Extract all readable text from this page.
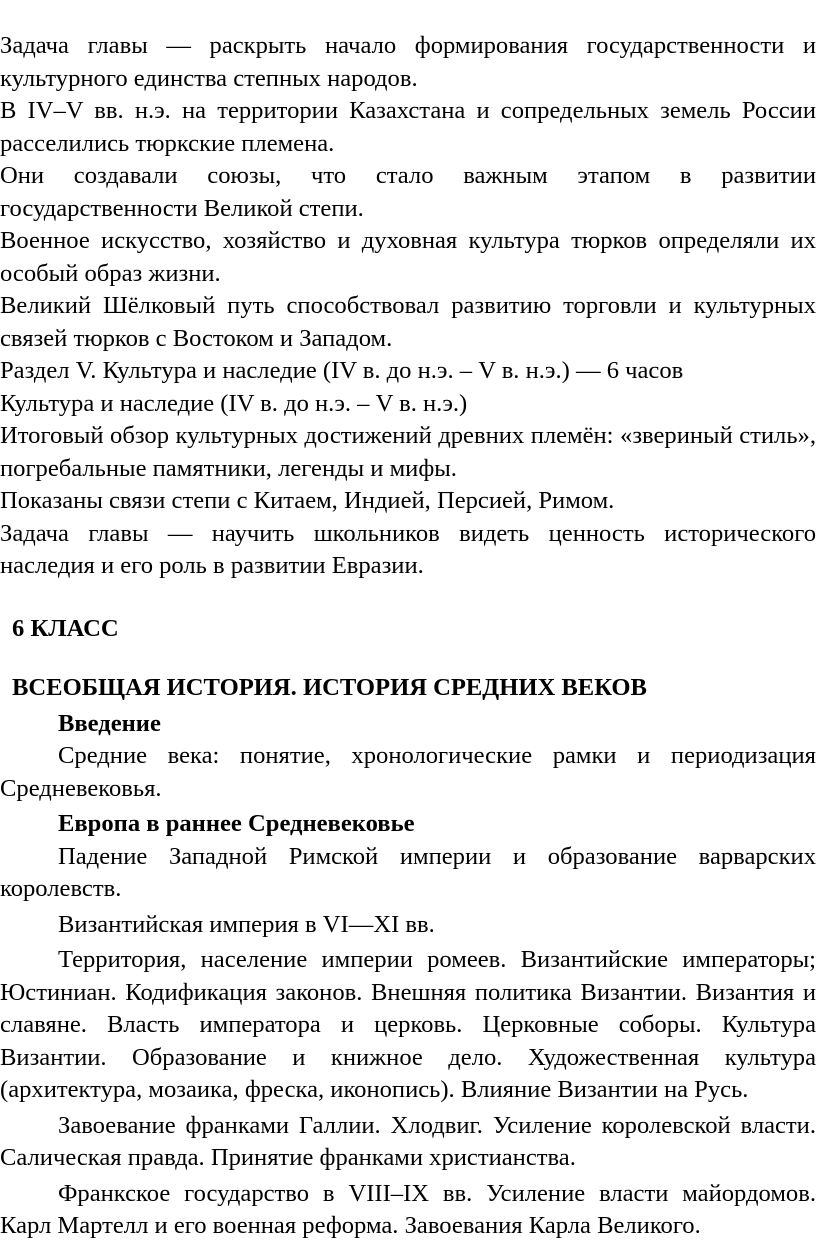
Задача главы — раскрыть начало формирования государственности и культурного единства степных народов.

В IV–V вв. н.э. на территории Казахстана и сопредельных земель России расселились тюркские племена.

Они создавали союзы, что стало важным этапом в развитии государственности Великой степи.

Военное искусство, хозяйство и духовная культура тюрков определяли их особый образ жизни.

Великий Шёлковый путь способствовал развитию торговли и культурных связей тюрков с Востоком и Западом.

Раздел V. Культура и наследие (IV в. до н.э. – V в. н.э.) — 6 часов

Культура и наследие (IV в. до н.э. – V в. н.э.)

Итоговый обзор культурных достижений древних племён: «звериный стиль», погребальные памятники, легенды и мифы.

Показаны связи степи с Китаем, Индией, Персией, Римом.

Задача главы — научить школьников видеть ценность исторического наследия и его роль в развитии Евразии.

6 КЛАСС

ВСЕОБЩАЯ ИСТОРИЯ. ИСТОРИЯ СРЕДНИХ ВЕКОВ

Введение

Средние века: понятие, хронологические рамки и периодизация Средневековья.

Европа в раннее Средневековье

Падение Западной Римской империи и образование варварских королевств.

Византийская империя в VI—XI вв.

Территория, население империи ромеев. Византийские императоры; Юстиниан. Кодификация законов. Внешняя политика Византии. Византия и славяне. Власть императора и церковь. Церковные соборы. Культура Византии. Образование и книжное дело. Художественная культура (архитектура, мозаика, фреска, иконопись). Влияние Византии на Русь.

Завоевание франками Галлии. Хлодвиг. Усиление королевской власти. Салическая правда. Принятие франками христианства.

Франкское государство в VIII–IX вв. Усиление власти майордомов. Карл Мартелл и его военная реформа. Завоевания Карла Великого.
